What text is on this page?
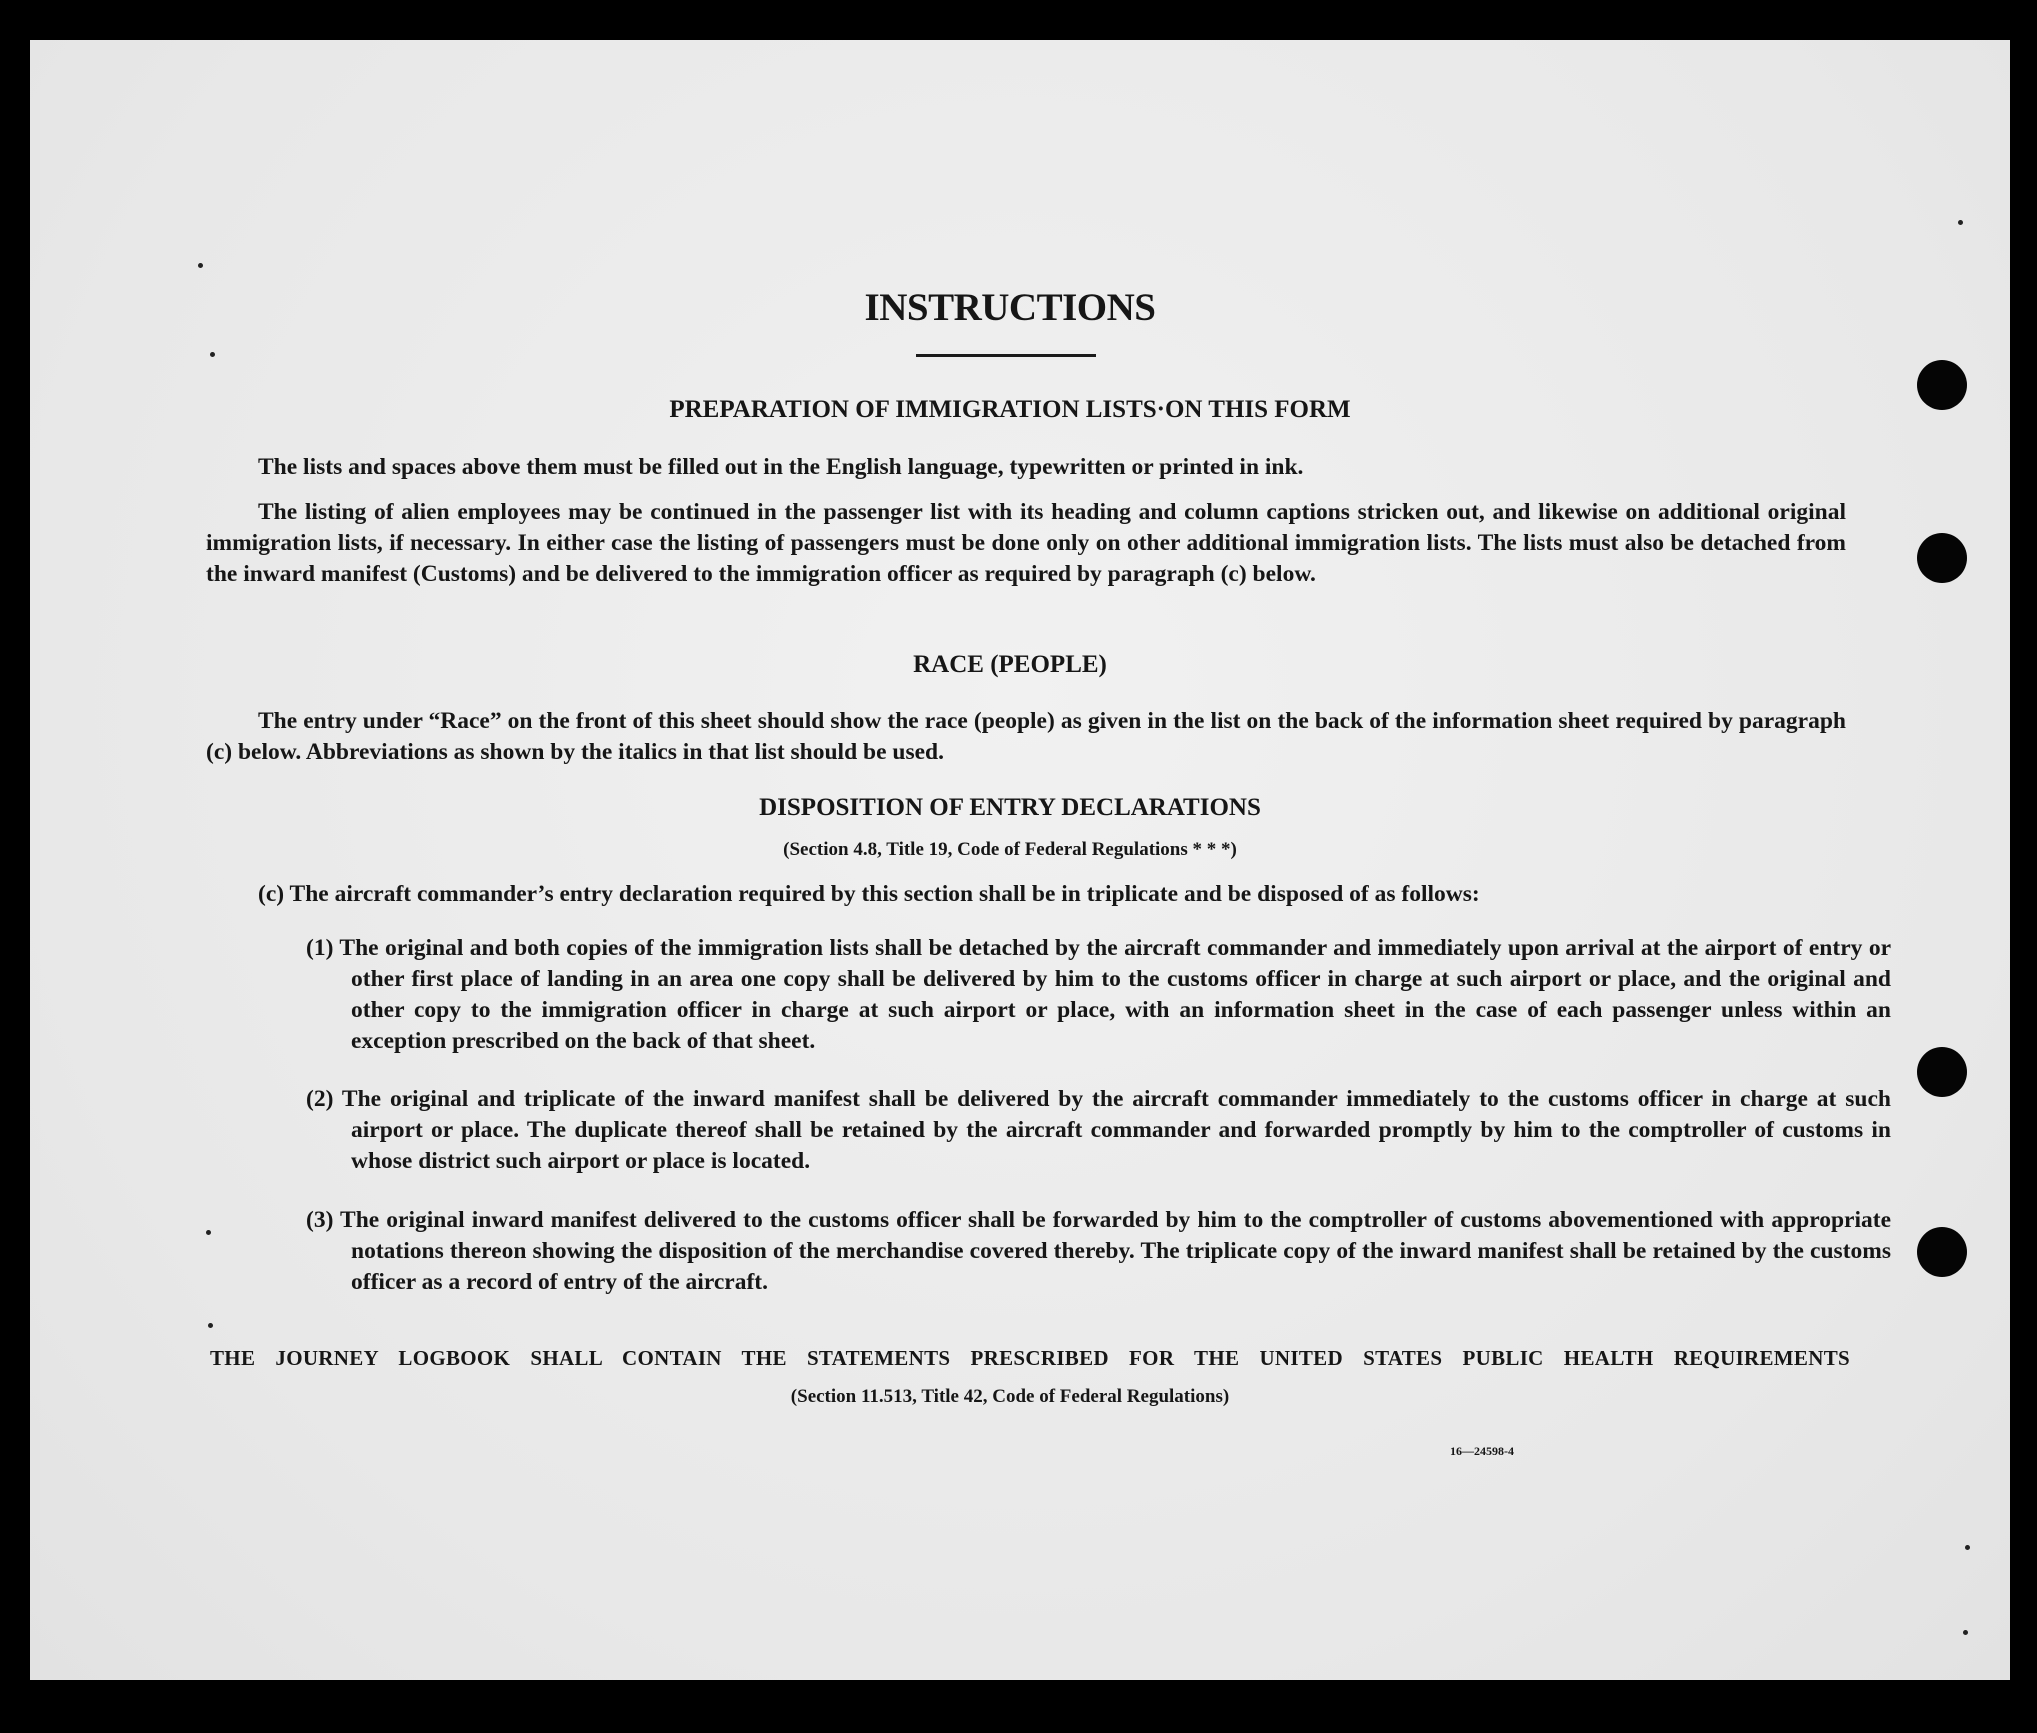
INSTRUCTIONS
PREPARATION OF IMMIGRATION LISTS·ON THIS FORM
The lists and spaces above them must be filled out in the English language, typewritten or printed in ink.
The listing of alien employees may be continued in the passenger list with its heading and column captions stricken out, and likewise on additional original immigration lists, if necessary. In either case the listing of passengers must be done only on other additional immigration lists. The lists must also be detached from the inward manifest (Customs) and be delivered to the immigration officer as required by paragraph (c) below.
RACE (PEOPLE)
The entry under “Race” on the front of this sheet should show the race (people) as given in the list on the back of the information sheet required by paragraph (c) below. Abbreviations as shown by the italics in that list should be used.
DISPOSITION OF ENTRY DECLARATIONS
(Section 4.8, Title 19, Code of Federal Regulations * * *)
(c) The aircraft commander’s entry declaration required by this section shall be in triplicate and be disposed of as follows:
(1) The original and both copies of the immigration lists shall be detached by the aircraft commander and immediately upon arrival at the airport of entry or other first place of landing in an area one copy shall be delivered by him to the customs officer in charge at such airport or place, and the original and other copy to the immigration officer in charge at such airport or place, with an information sheet in the case of each passenger unless within an exception prescribed on the back of that sheet.
(2) The original and triplicate of the inward manifest shall be delivered by the aircraft commander immediately to the customs officer in charge at such airport or place. The duplicate thereof shall be retained by the aircraft commander and forwarded promptly by him to the comptroller of customs in whose district such airport or place is located.
(3) The original inward manifest delivered to the customs officer shall be forwarded by him to the comptroller of customs abovementioned with appropriate notations thereon showing the disposition of the merchandise covered thereby. The triplicate copy of the inward manifest shall be retained by the customs officer as a record of entry of the aircraft.
THE JOURNEY LOGBOOK SHALL CONTAIN THE STATEMENTS PRESCRIBED FOR THE UNITED STATES PUBLIC HEALTH REQUIREMENTS
(Section 11.513, Title 42, Code of Federal Regulations)
16—24598-4
